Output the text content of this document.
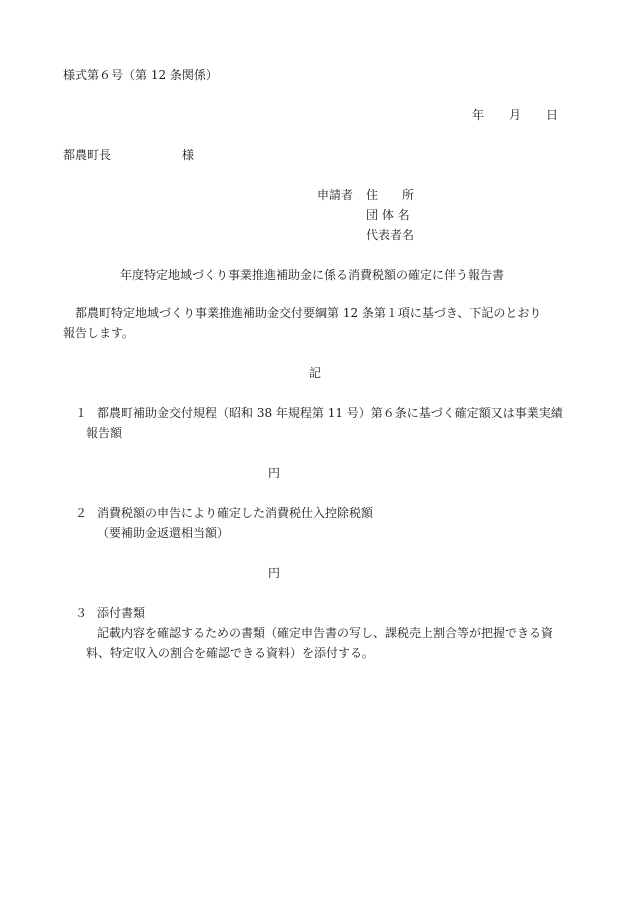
様式第６号（第 12 条関係）
年 月 日
都農町長	様
申請者 住　　所
団 体 名
代表者名
年度特定地域づくり事業推進補助金に係る消費税額の確定に伴う報告書
都農町特定地域づくり事業推進補助金交付要綱第 12 条第１項に基づき、下記のとおり
報告します。
記
１ 都農町補助金交付規程（昭和 38 年規程第 11 号）第６条に基づく確定額又は事業実績
報告額
円
２ 消費税額の申告により確定した消費税仕入控除税額
（要補助金返還相当額）
円
３ 添付書類
記載内容を確認するための書類（確定申告書の写し、課税売上割合等が把握できる資
料、特定収入の割合を確認できる資料）を添付する。
